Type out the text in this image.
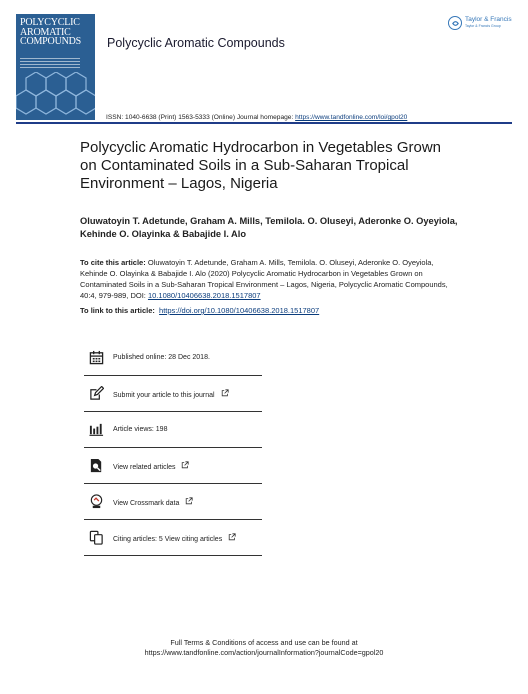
POLYCYCLIC
AROMATIC
COMPOUNDS	Polycyclic Aromatic Compounds
Taylor & Francis
Taylor & Francis Group
ISSN: 1040-6638 (Print) 1563-5333 (Online) Journal homepage: https://www.tandfonline.com/loi/gpol20
Polycyclic Aromatic Hydrocarbon in Vegetables Grown on Contaminated Soils in a Sub-Saharan Tropical Environment – Lagos, Nigeria
Oluwatoyin T. Adetunde, Graham A. Mills, Temilola. O. Oluseyi, Aderonke O. Oyeyiola, Kehinde O. Olayinka & Babajide I. Alo
To cite this article: Oluwatoyin T. Adetunde, Graham A. Mills, Temilola. O. Oluseyi, Aderonke O. Oyeyiola, Kehinde O. Olayinka & Babajide I. Alo (2020) Polycyclic Aromatic Hydrocarbon in Vegetables Grown on Contaminated Soils in a Sub-Saharan Tropical Environment – Lagos, Nigeria, Polycyclic Aromatic Compounds, 40:4, 979-989, DOI: 10.1080/10406638.2018.1517807
To link to this article: https://doi.org/10.1080/10406638.2018.1517807
Published online: 28 Dec 2018.
Submit your article to this journal
Article views: 198
View related articles
View Crossmark data
Citing articles: 5 View citing articles
Full Terms & Conditions of access and use can be found at
https://www.tandfonline.com/action/journalInformation?journalCode=gpol20
